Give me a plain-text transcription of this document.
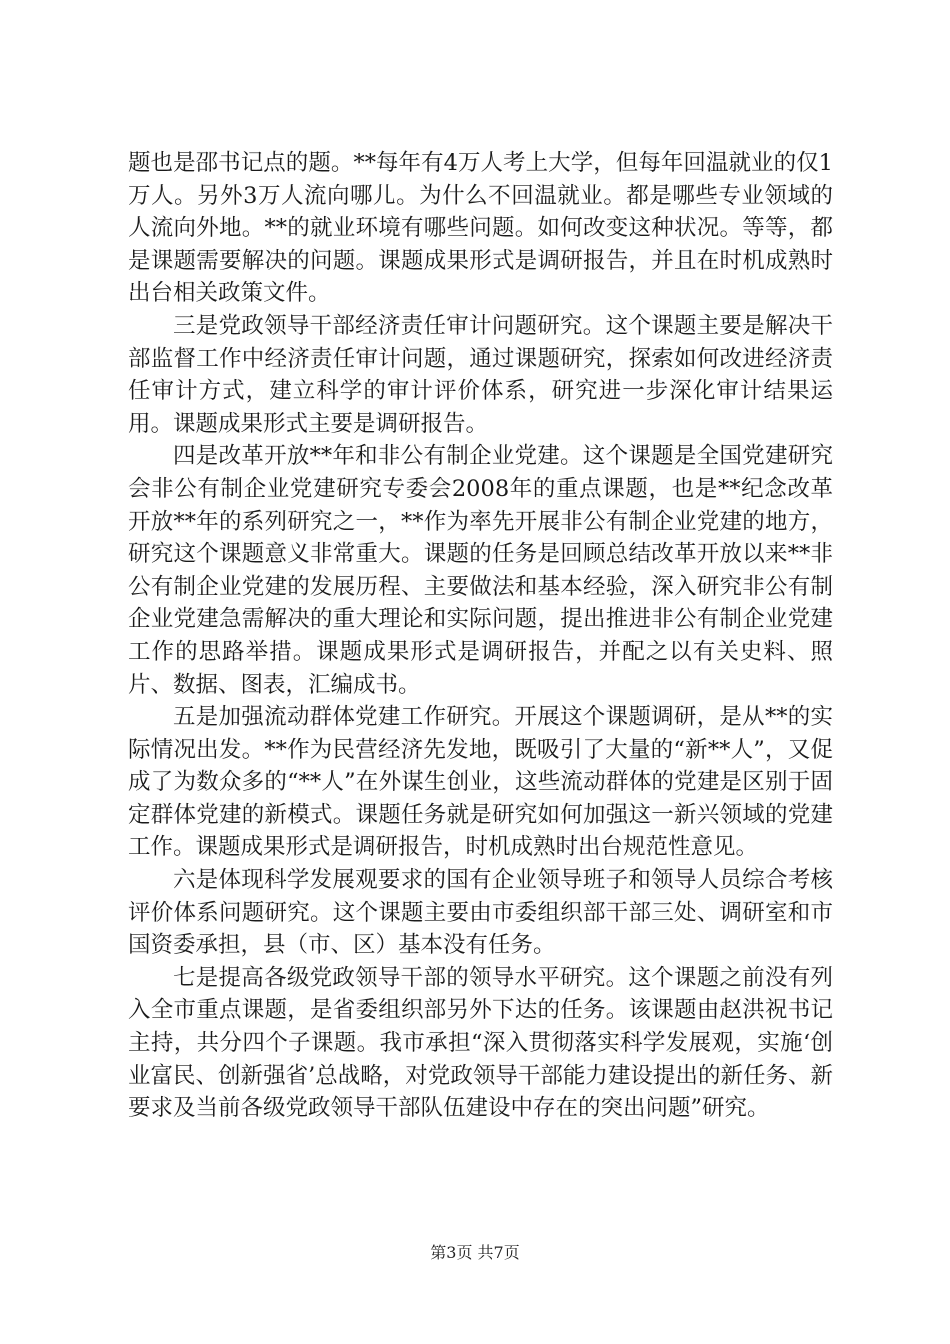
题也是邵书记点的题。**每年有4万人考上大学，但每年回温就业的仅1万人。另外3万人流向哪儿。为什么不回温就业。都是哪些专业领域的人流向外地。**的就业环境有哪些问题。如何改变这种状况。等等，都是课题需要解决的问题。课题成果形式是调研报告，并且在时机成熟时出台相关政策文件。

三是党政领导干部经济责任审计问题研究。这个课题主要是解决干部监督工作中经济责任审计问题，通过课题研究，探索如何改进经济责任审计方式，建立科学的审计评价体系，研究进一步深化审计结果运用。课题成果形式主要是调研报告。

四是改革开放**年和非公有制企业党建。这个课题是全国党建研究会非公有制企业党建研究专委会2008年的重点课题，也是**纪念改革开放**年的系列研究之一，**作为率先开展非公有制企业党建的地方，研究这个课题意义非常重大。课题的任务是回顾总结改革开放以来**非公有制企业党建的发展历程、主要做法和基本经验，深入研究非公有制企业党建急需解决的重大理论和实际问题，提出推进非公有制企业党建工作的思路举措。课题成果形式是调研报告，并配之以有关史料、照片、数据、图表，汇编成书。

五是加强流动群体党建工作研究。开展这个课题调研，是从**的实际情况出发。**作为民营经济先发地，既吸引了大量的“新**人”，又促成了为数众多的“**人”在外谋生创业，这些流动群体的党建是区别于固定群体党建的新模式。课题任务就是研究如何加强这一新兴领域的党建工作。课题成果形式是调研报告，时机成熟时出台规范性意见。

六是体现科学发展观要求的国有企业领导班子和领导人员综合考核评价体系问题研究。这个课题主要由市委组织部干部三处、调研室和市国资委承担，县（市、区）基本没有任务。

七是提高各级党政领导干部的领导水平研究。这个课题之前没有列入全市重点课题，是省委组织部另外下达的任务。该课题由赵洪祝书记主持，共分四个子课题。我市承担“深入贯彻落实科学发展观，实施‘创业富民、创新强省’总战略，对党政领导干部能力建设提出的新任务、新要求及当前各级党政领导干部队伍建设中存在的突出问题”研究。

第3页 共7页
